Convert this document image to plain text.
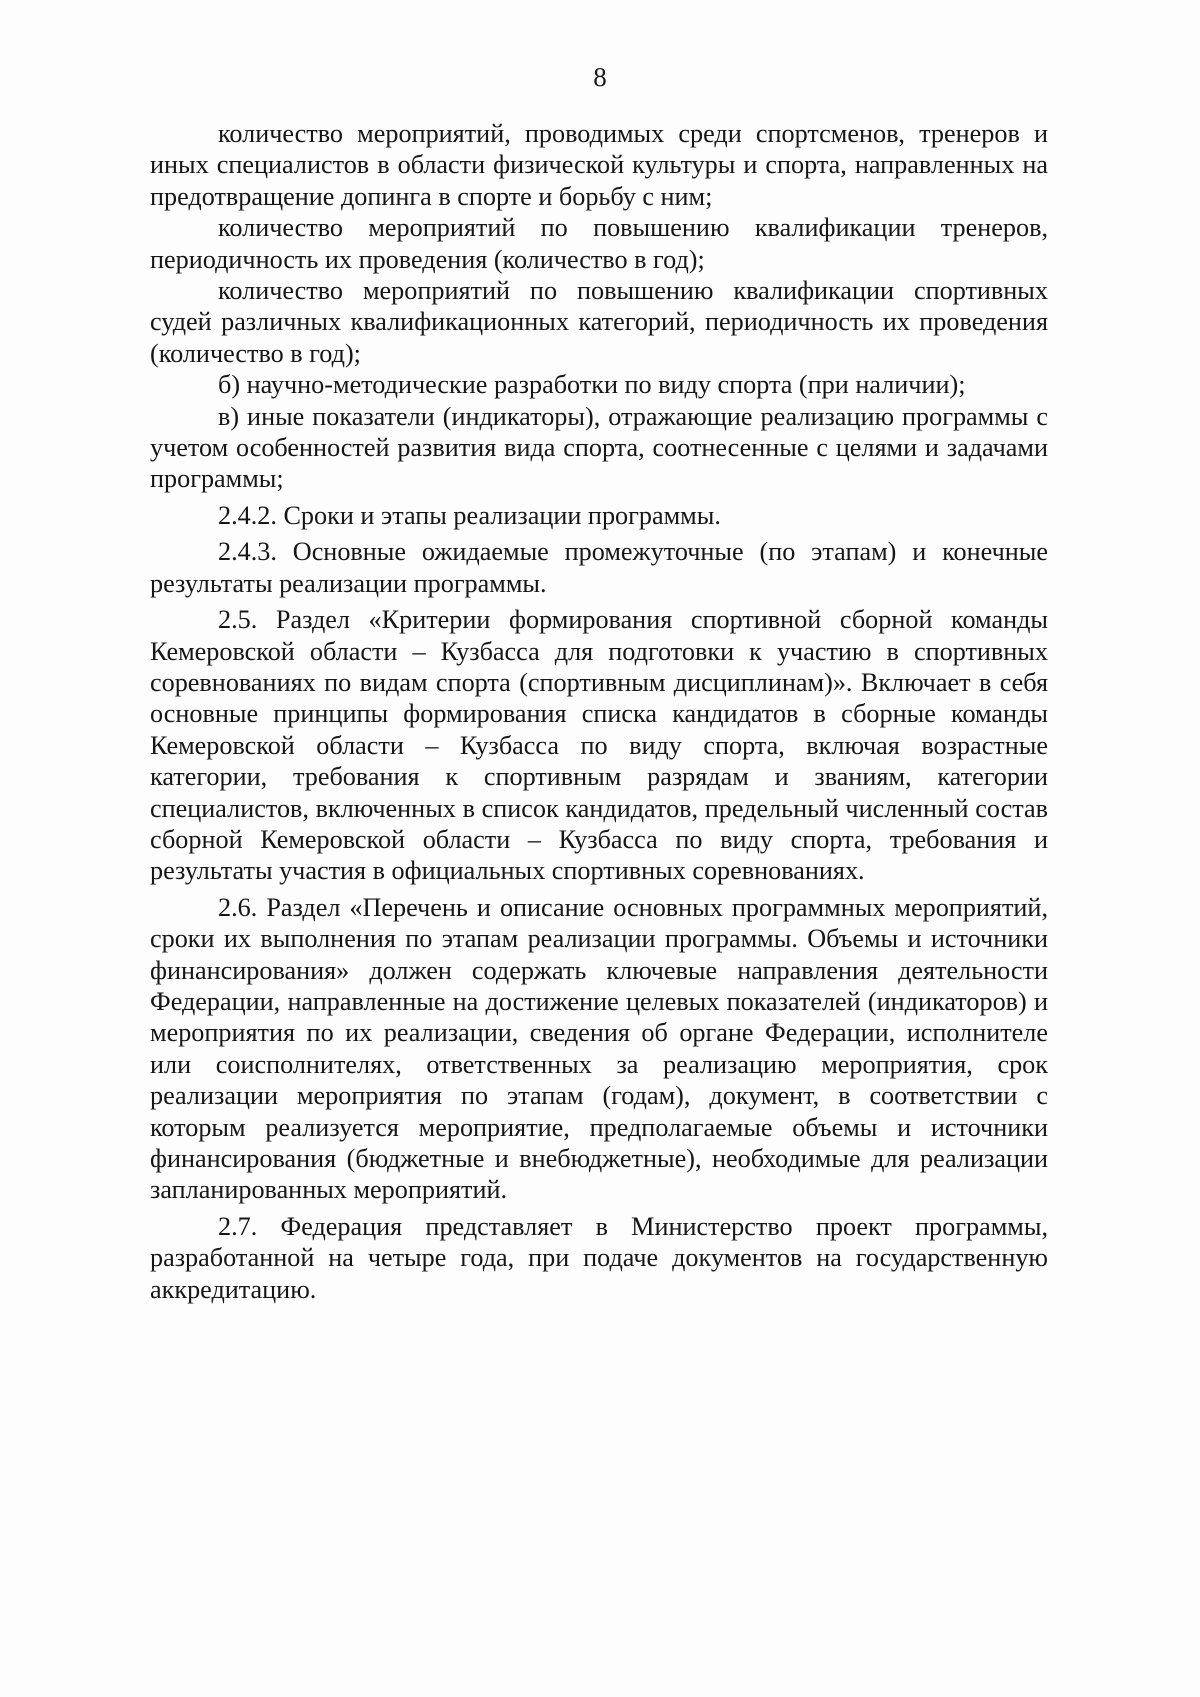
8

количество мероприятий, проводимых среди спортсменов, тренеров и иных специалистов в области физической культуры и спорта, направленных на предотвращение допинга в спорте и борьбу с ним;

количество мероприятий по повышению квалификации тренеров, периодичность их проведения (количество в год);

количество мероприятий по повышению квалификации спортивных судей различных квалификационных категорий, периодичность их проведения (количество в год);

б) научно-методические разработки по виду спорта (при наличии);

в) иные показатели (индикаторы), отражающие реализацию программы с учетом особенностей развития вида спорта, соотнесенные с целями и задачами программы;

2.4.2. Сроки и этапы реализации программы.

2.4.3. Основные ожидаемые промежуточные (по этапам) и конечные результаты реализации программы.

2.5. Раздел «Критерии формирования спортивной сборной команды Кемеровской области – Кузбасса для подготовки к участию в спортивных соревнованиях по видам спорта (спортивным дисциплинам)». Включает в себя основные принципы формирования списка кандидатов в сборные команды Кемеровской области – Кузбасса по виду спорта, включая возрастные категории, требования к спортивным разрядам и званиям, категории специалистов, включенных в список кандидатов, предельный численный состав сборной Кемеровской области – Кузбасса по виду спорта, требования и результаты участия в официальных спортивных соревнованиях.

2.6. Раздел «Перечень и описание основных программных мероприятий, сроки их выполнения по этапам реализации программы. Объемы и источники финансирования» должен содержать ключевые направления деятельности Федерации, направленные на достижение целевых показателей (индикаторов) и мероприятия по их реализации, сведения об органе Федерации, исполнителе или соисполнителях, ответственных за реализацию мероприятия, срок реализации мероприятия по этапам (годам), документ, в соответствии с которым реализуется мероприятие, предполагаемые объемы и источники финансирования (бюджетные и внебюджетные), необходимые для реализации запланированных мероприятий.

2.7. Федерация представляет в Министерство проект программы, разработанной на четыре года, при подаче документов на государственную аккредитацию.
